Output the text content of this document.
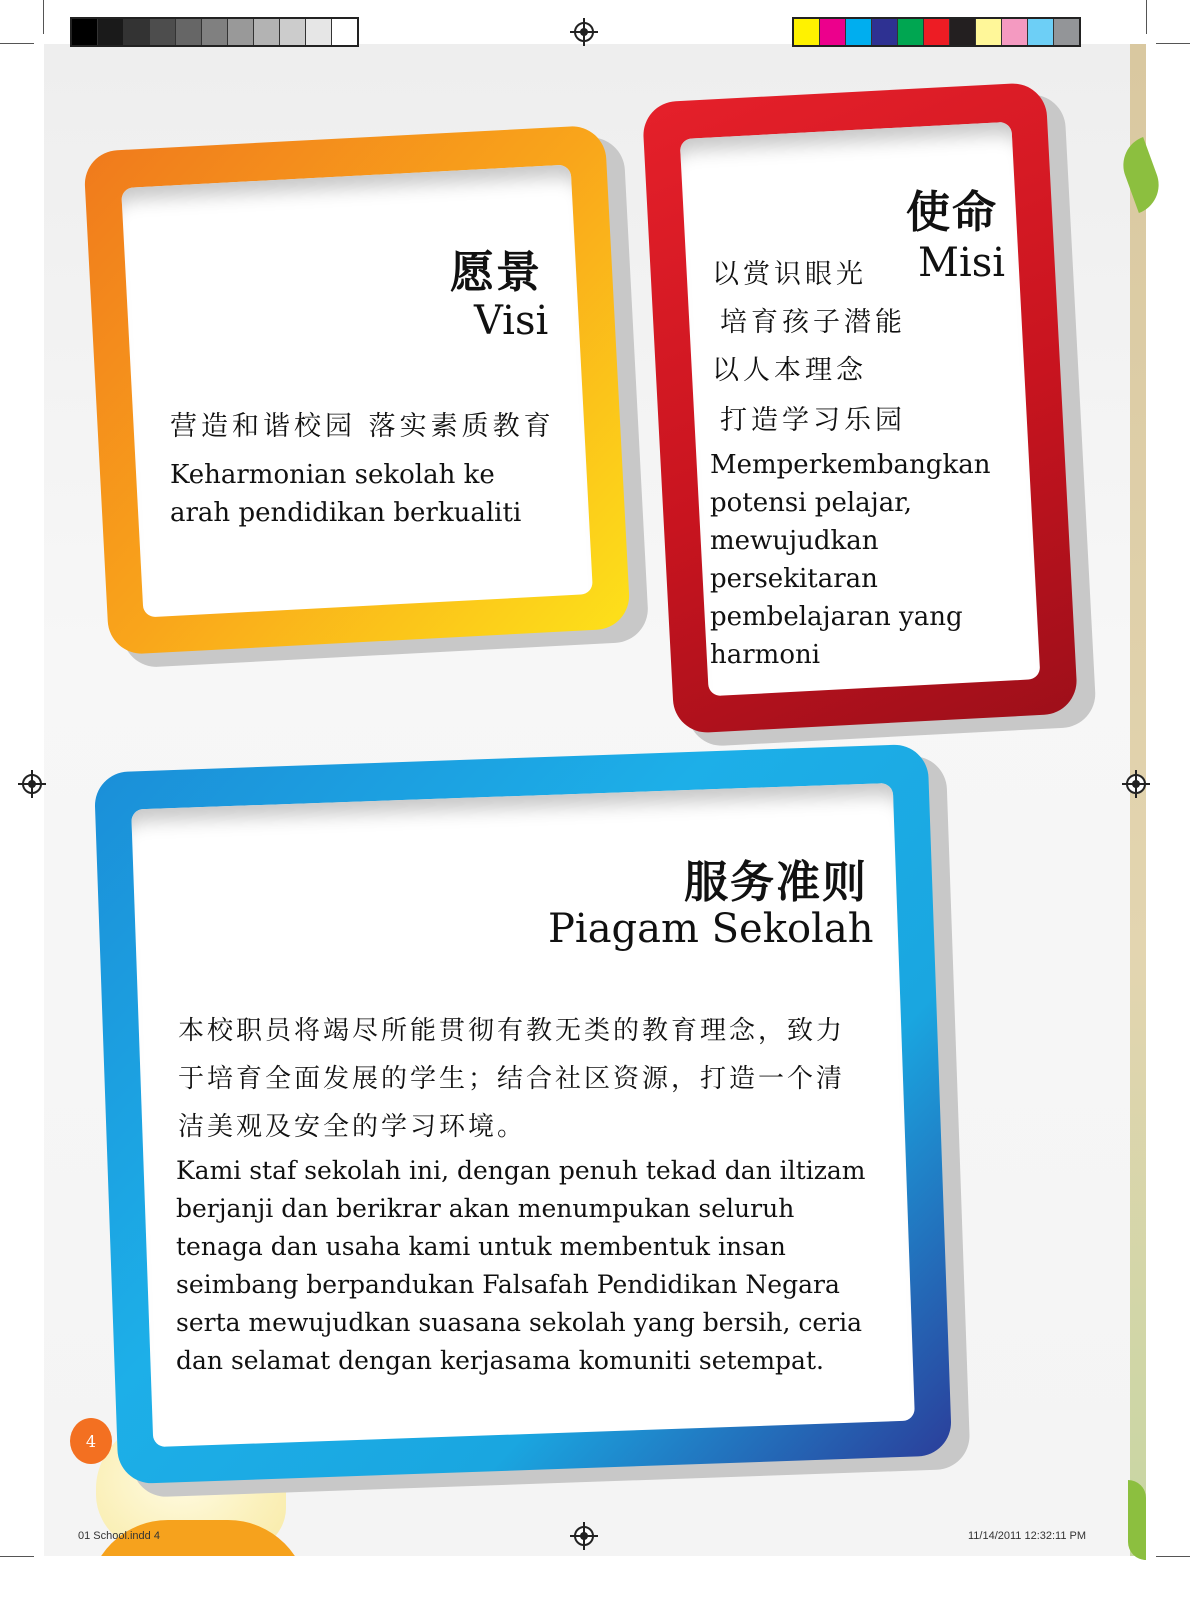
愿景
Visi
营造和谐校园 落实素质教育
Keharmonian sekolah ke arah pendidikan berkualiti
使命
Misi
以赏识眼光
培育孩子潜能
以人本理念
打造学习乐园
Memperkembangkan
potensi pelajar,
mewujudkan
persekitaran
pembelajaran yang
harmoni
服务准则
Piagam Sekolah
本校职员将竭尽所能贯彻有教无类的教育理念，致力
于培育全面发展的学生；结合社区资源，打造一个清
洁美观及安全的学习环境。
Kami staf sekolah ini, dengan penuh tekad dan iltizam
berjanji dan berikrar akan menumpukan seluruh
tenaga dan usaha kami untuk membentuk insan
seimbang berpandukan Falsafah Pendidikan Negara
serta mewujudkan suasana sekolah yang bersih, ceria
dan selamat dengan kerjasama komuniti setempat.
4
01 School.indd 4	11/14/2011 12:32:11 PM
